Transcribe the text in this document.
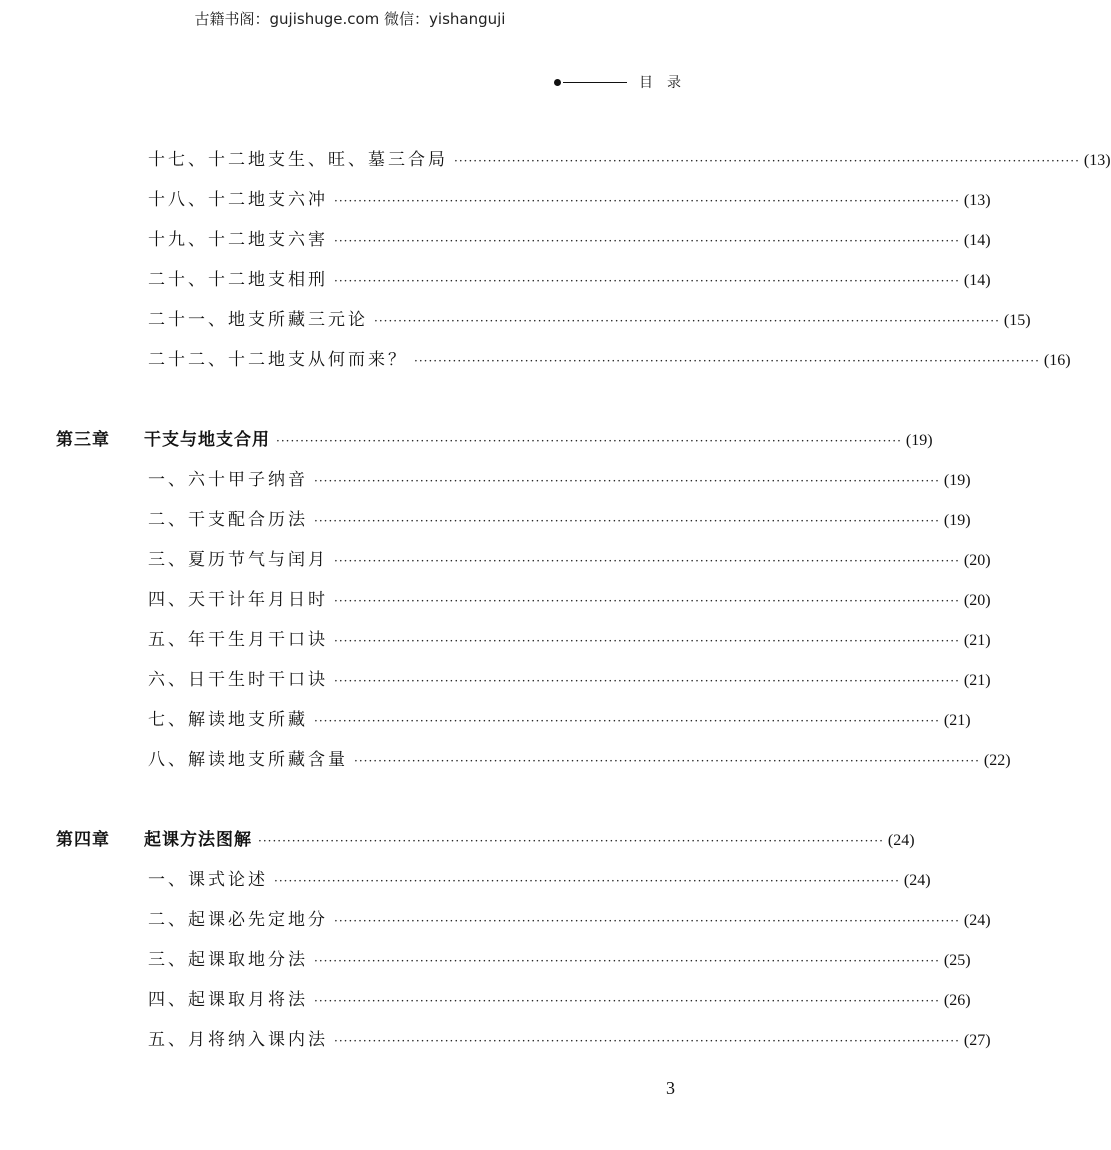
古籍书阁：gujishuge.com 微信：yishanguji
目录
十七、十二地支生、旺、墓三合局 ·································································································································· (13)
十八、十二地支六冲 ·································································································································· (13)
十九、十二地支六害 ·································································································································· (14)
二十、十二地支相刑 ·································································································································· (14)
二十一、地支所藏三元论 ·································································································································· (15)
二十二、十二地支从何而来？ ·································································································································· (16)
第三章	干支与地支合用 ·································································································································· (19)
一、六十甲子纳音 ·································································································································· (19)
二、干支配合历法 ·································································································································· (19)
三、夏历节气与闰月 ·································································································································· (20)
四、天干计年月日时 ·································································································································· (20)
五、年干生月干口诀 ·································································································································· (21)
六、日干生时干口诀 ·································································································································· (21)
七、解读地支所藏 ·································································································································· (21)
八、解读地支所藏含量 ·································································································································· (22)
第四章	起课方法图解 ·································································································································· (24)
一、课式论述 ·································································································································· (24)
二、起课必先定地分 ·································································································································· (24)
三、起课取地分法 ·································································································································· (25)
四、起课取月将法 ·································································································································· (26)
五、月将纳入课内法 ·································································································································· (27)
3
